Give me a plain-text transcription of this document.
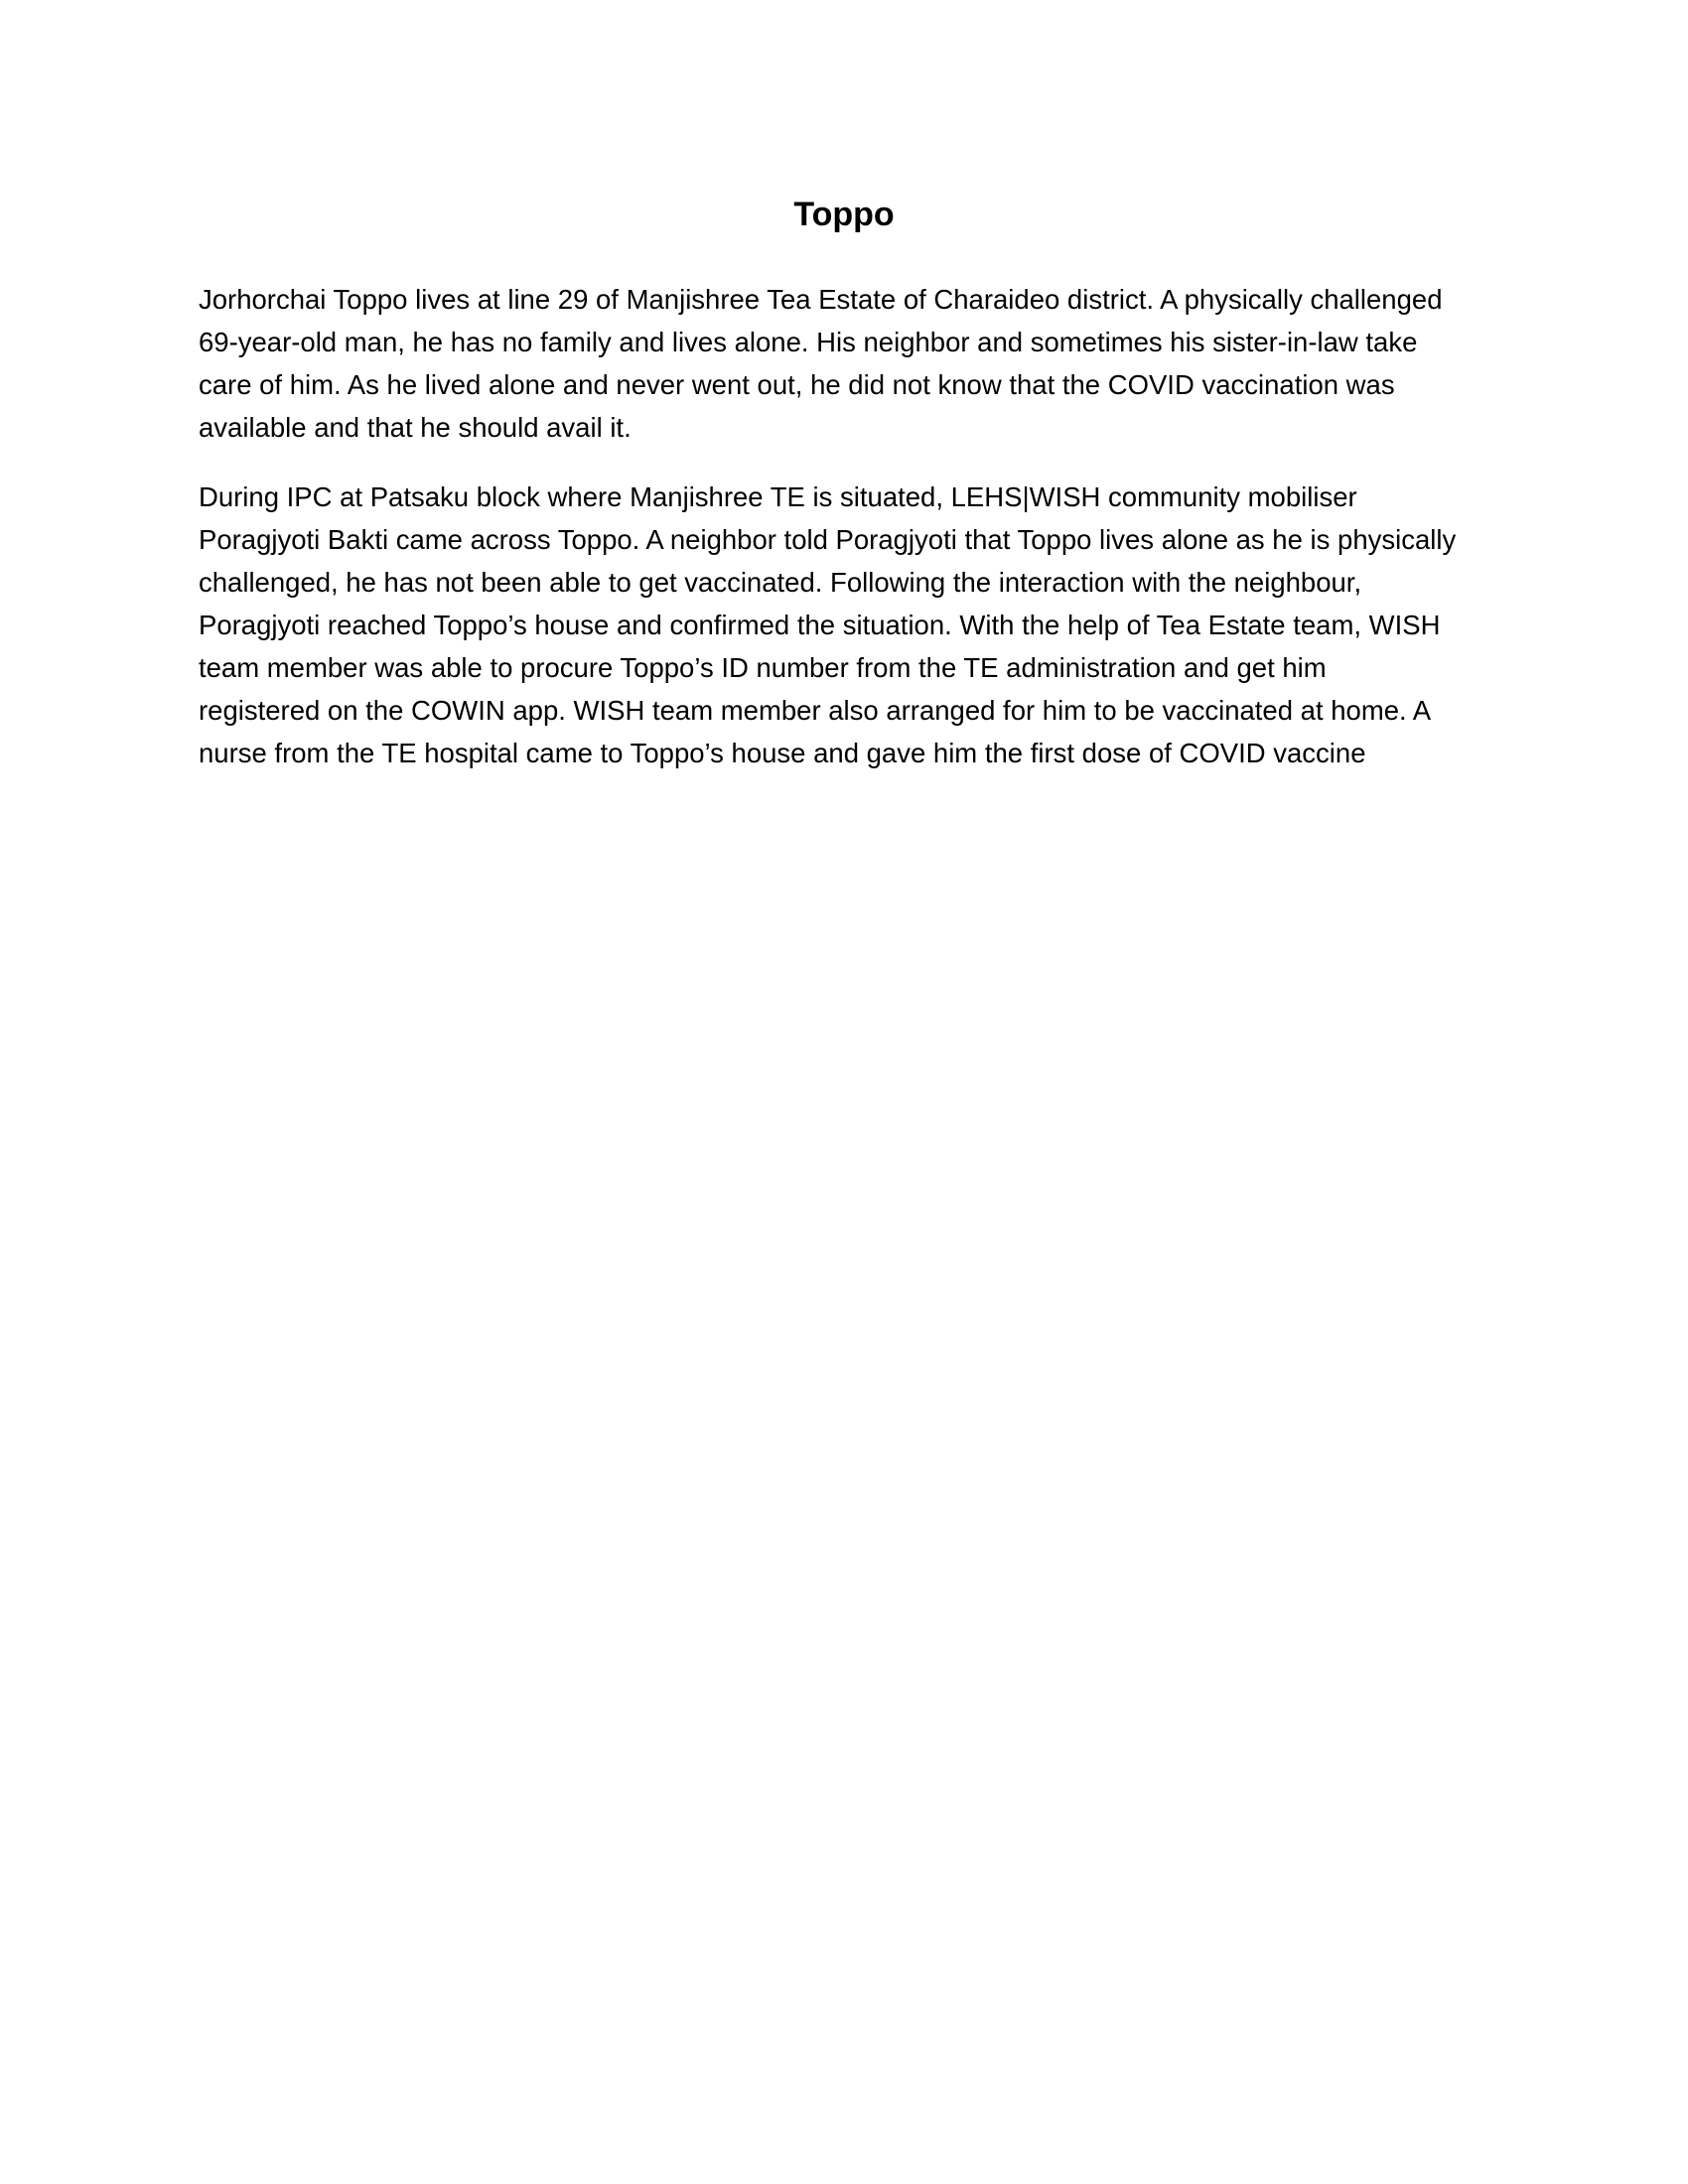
Toppo

Jorhorchai Toppo lives at line 29 of Manjishree Tea Estate of Charaideo district. A physically challenged

69-year-old man, he has no family and lives alone. His neighbor and sometimes his sister-in-law take

care of him. As he lived alone and never went out, he did not know that the COVID vaccination was

available and that he should avail it.

During IPC at Patsaku block where Manjishree TE is situated, LEHS|WISH community mobiliser

Poragjyoti Bakti came across Toppo. A neighbor told Poragjyoti that Toppo lives alone as he is physically

challenged, he has not been able to get vaccinated. Following the interaction with the neighbour,

Poragjyoti reached Toppo’s house and confirmed the situation. With the help of Tea Estate team, WISH

team member was able to procure Toppo’s ID number from the TE administration and get him

registered on the COWIN app. WISH team member also arranged for him to be vaccinated at home. A

nurse from the TE hospital came to Toppo’s house and gave him the first dose of COVID vaccine
